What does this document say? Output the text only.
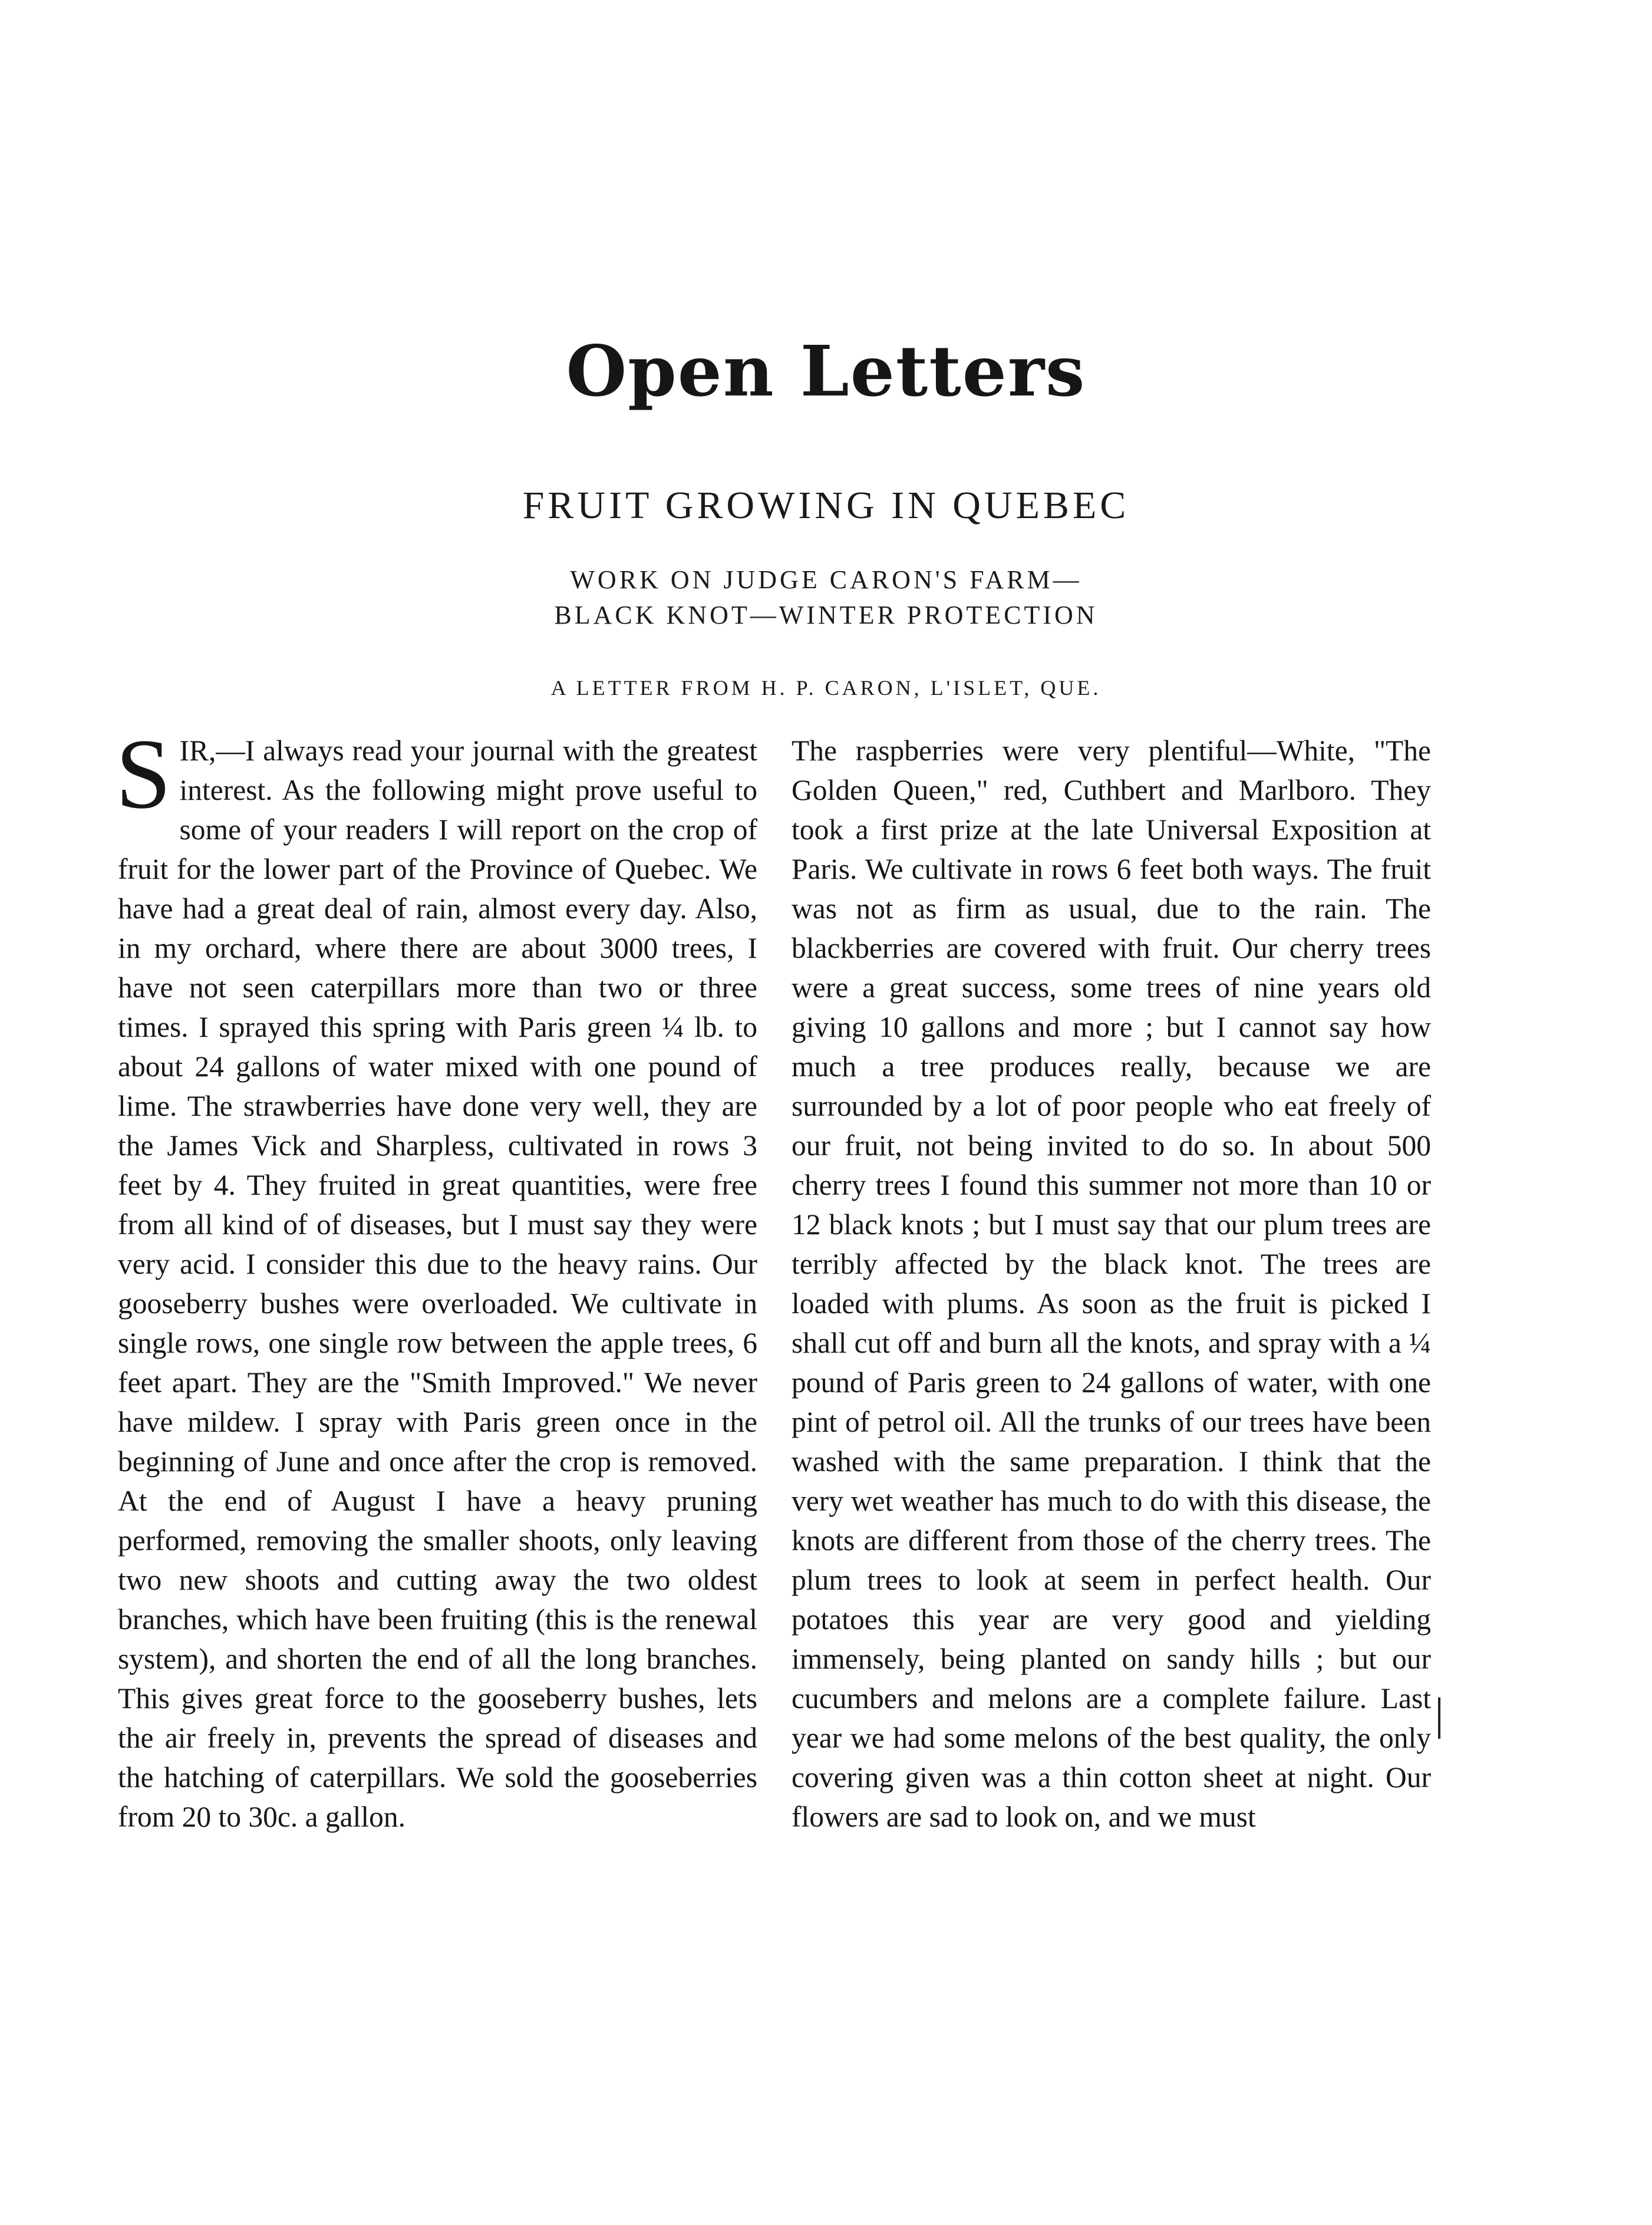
Open Letters
FRUIT GROWING IN QUEBEC
WORK ON JUDGE CARON'S FARM—
BLACK KNOT—WINTER PROTECTION
A LETTER FROM H. P. CARON, L'ISLET, QUE.
S IR,—I always read your journal with the greatest interest. As the following might prove useful to some of your readers I will report on the crop of fruit for the lower part of the Province of Quebec. We have had a great deal of rain, almost every day. Also, in my orchard, where there are about 3000 trees, I have not seen caterpillars more than two or three times. I sprayed this spring with Paris green ¼ lb. to about 24 gallons of water mixed with one pound of lime. The strawberries have done very well, they are the James Vick and Sharpless, cultivated in rows 3 feet by 4. They fruited in great quantities, were free from all kind of of diseases, but I must say they were very acid. I consider this due to the heavy rains. Our gooseberry bushes were overloaded. We cultivate in single rows, one single row between the apple trees, 6 feet apart. They are the "Smith Improved." We never have mildew. I spray with Paris green once in the beginning of June and once after the crop is removed. At the end of August I have a heavy pruning performed, removing the smaller shoots, only leaving two new shoots and cutting away the two oldest branches, which have been fruiting (this is the renewal system), and shorten the end of all the long branches. This gives great force to the gooseberry bushes, lets the air freely in, prevents the spread of diseases and the hatching of caterpillars. We sold the gooseberries from 20 to 30c. a gallon.

The raspberries were very plentiful—White, "The Golden Queen," red, Cuthbert and Marlboro. They took a first prize at the late Universal Exposition at Paris. We cultivate in rows 6 feet both ways. The fruit was not as firm as usual, due to the rain. The blackberries are covered with fruit. Our cherry trees were a great success, some trees of nine years old giving 10 gallons and more ; but I cannot say how much a tree produces really, because we are surrounded by a lot of poor people who eat freely of our fruit, not being invited to do so. In about 500 cherry trees I found this summer not more than 10 or 12 black knots ; but I must say that our plum trees are terribly affected by the black knot. The trees are loaded with plums. As soon as the fruit is picked I shall cut off and burn all the knots, and spray with a ¼ pound of Paris green to 24 gallons of water, with one pint of petrol oil. All the trunks of our trees have been washed with the same preparation. I think that the very wet weather has much to do with this disease, the knots are different from those of the cherry trees. The plum trees to look at seem in perfect health. Our potatoes this year are very good and yielding immensely, being planted on sandy hills ; but our cucumbers and melons are a complete failure. Last year we had some melons of the best quality, the only covering given was a thin cotton sheet at night. Our flowers are sad to look on, and we must
